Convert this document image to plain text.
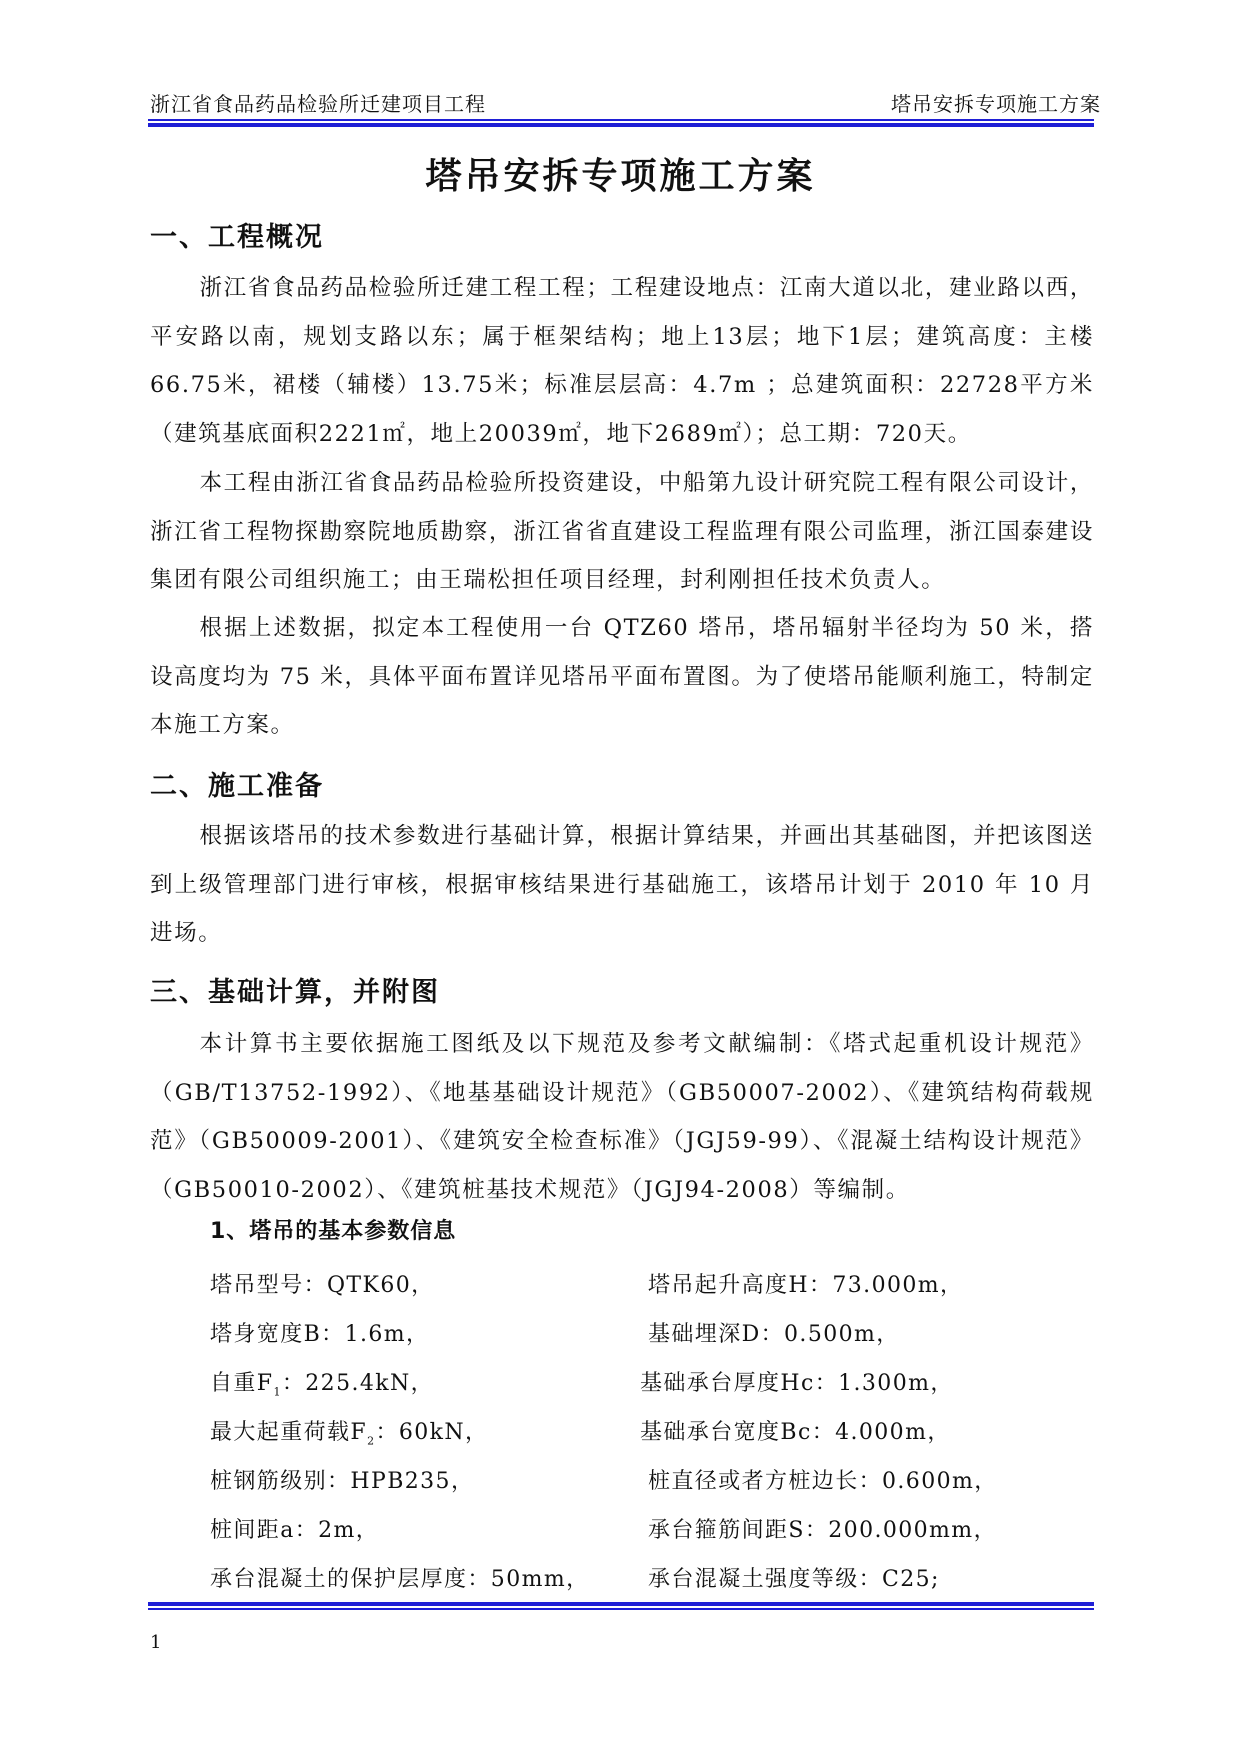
浙江省食品药品检验所迁建项目工程	塔吊安拆专项施工方案
塔吊安拆专项施工方案
一、工程概况

浙江省食品药品检验所迁建工程工程；工程建设地点：江南大道以北，建业路以西，平安路以南，规划支路以东；属于框架结构；地上13层；地下1层；建筑高度：主楼66.75米，裙楼（辅楼）13.75米；标准层层高：4.7m ；总建筑面积：22728平方米（建筑基底面积2221㎡，地上20039㎡，地下2689㎡）；总工期：720天。

本工程由浙江省食品药品检验所投资建设，中船第九设计研究院工程有限公司设计，浙江省工程物探勘察院地质勘察，浙江省省直建设工程监理有限公司监理，浙江国泰建设集团有限公司组织施工；由王瑞松担任项目经理，封利刚担任技术负责人。

根据上述数据，拟定本工程使用一台 QTZ60 塔吊，塔吊辐射半径均为 50 米，搭设高度均为 75 米，具体平面布置详见塔吊平面布置图。为了使塔吊能顺利施工，特制定本施工方案。

二、施工准备

根据该塔吊的技术参数进行基础计算，根据计算结果，并画出其基础图，并把该图送到上级管理部门进行审核，根据审核结果进行基础施工，该塔吊计划于 2010 年 10 月进场。

三、基础计算，并附图

本计算书主要依据施工图纸及以下规范及参考文献编制：《塔式起重机设计规范》（GB/T13752-1992）、《地基基础设计规范》（GB50007-2002）、《建筑结构荷载规范》（GB50009-2001）、《建筑安全检查标准》（JGJ59-99）、《混凝土结构设计规范》（GB50010-2002）、《建筑桩基技术规范》（JGJ94-2008）等编制。

1、塔吊的基本参数信息
塔吊型号：QTK60，	塔吊起升高度H：73.000m，
塔身宽度B：1.6m，	基础埋深D：0.500m，
自重$F_1$：225.4kN，	基础承台厚度Hc：1.300m，
最大起重荷载$F_2$：60kN，	基础承台宽度Bc：4.000m，
桩钢筋级别：HPB235，	桩直径或者方桩边长：0.600m，
桩间距a：2m，	承台箍筋间距S：200.000mm，
承台混凝土的保护层厚度：50mm，	承台混凝土强度等级：C25;
1
